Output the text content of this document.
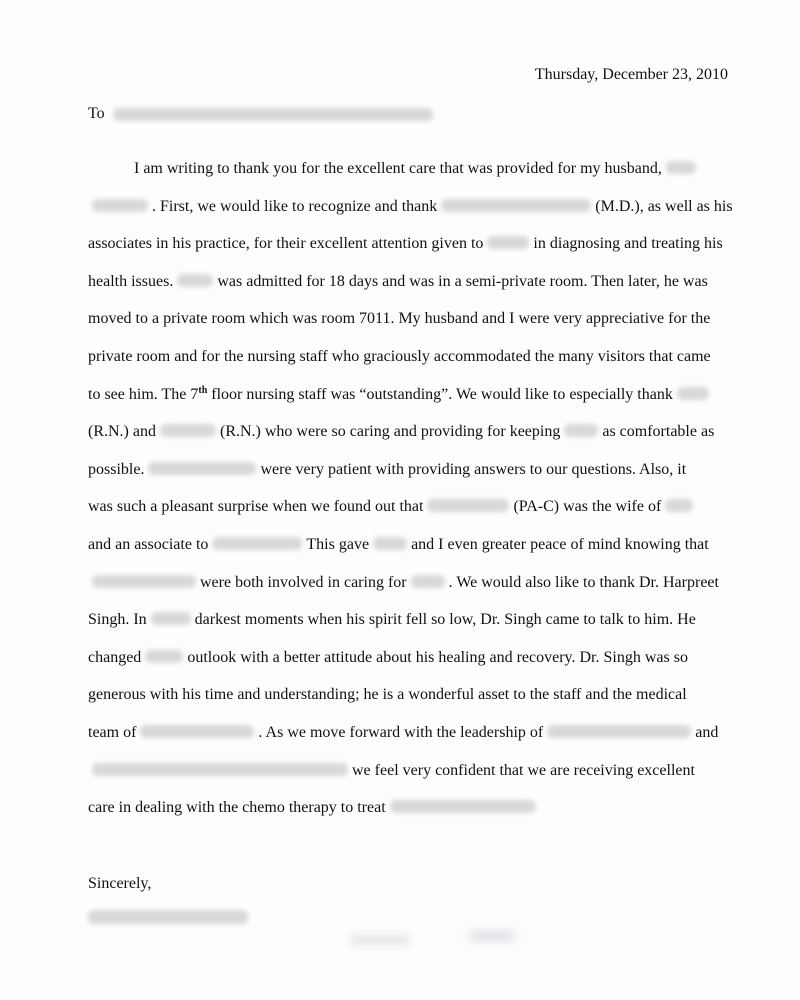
Thursday, December 23, 2010
To
I am writing to thank you for the excellent care that was provided for my husband,
. First, we would like to recognize and thank	(M.D.), as well as his
associates in his practice, for their excellent attention given to	in diagnosing and treating his
health issues.	was admitted for 18 days and was in a semi-private room. Then later, he was
moved to a private room which was room 7011. My husband and I were very appreciative for the
private room and for the nursing staff who graciously accommodated the many visitors that came
to see him. The 7th floor nursing staff was “outstanding”. We would like to especially thank
(R.N.) and	(R.N.) who were so caring and providing for keeping	as comfortable as
possible.	were very patient with providing answers to our questions. Also, it
was such a pleasant surprise when we found out that	(PA-C) was the wife of
and an associate to	This gave	and I even greater peace of mind knowing that
were both involved in caring for	. We would also like to thank Dr. Harpreet
Singh. In	darkest moments when his spirit fell so low, Dr. Singh came to talk to him. He
changed	outlook with a better attitude about his healing and recovery. Dr. Singh was so
generous with his time and understanding; he is a wonderful asset to the staff and the medical
team of	. As we move forward with the leadership of	and
we feel very confident that we are receiving excellent
care in dealing with the chemo therapy to treat
Sincerely,
